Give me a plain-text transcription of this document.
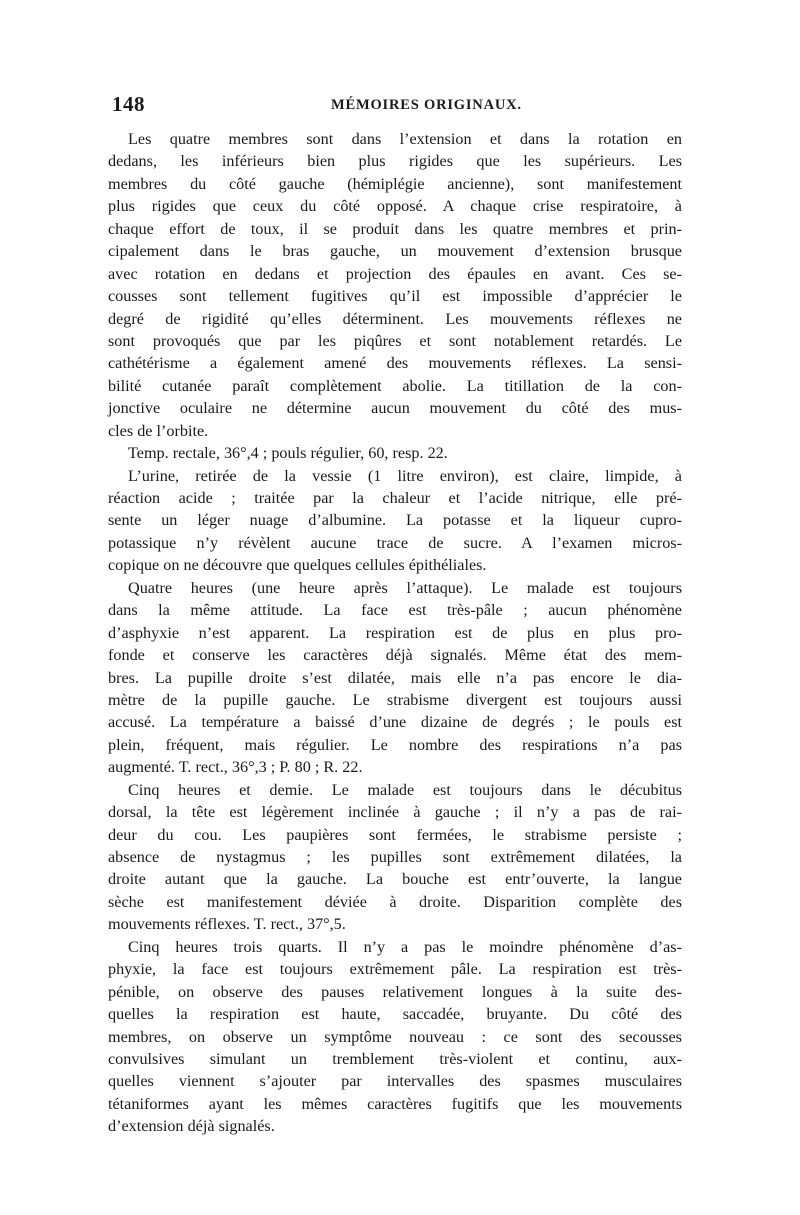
148	MÉMOIRES ORIGINAUX.
Les quatre membres sont dans l’extension et dans la rotation en
dedans, les inférieurs bien plus rigides que les supérieurs. Les
membres du côté gauche (hémiplégie ancienne), sont manifestement
plus rigides que ceux du côté opposé. A chaque crise respiratoire, à
chaque effort de toux, il se produit dans les quatre membres et prin-
cipalement dans le bras gauche, un mouvement d’extension brusque
avec rotation en dedans et projection des épaules en avant. Ces se-
cousses sont tellement fugitives qu’il est impossible d’apprécier le
degré de rigidité qu’elles déterminent. Les mouvements réflexes ne
sont provoqués que par les piqûres et sont notablement retardés. Le
cathétérisme a également amené des mouvements réflexes. La sensi-
bilité cutanée paraît complètement abolie. La titillation de la con-
jonctive oculaire ne détermine aucun mouvement du côté des mus-
cles de l’orbite.
Temp. rectale, 36°,4 ; pouls régulier, 60, resp. 22.
L’urine, retirée de la vessie (1 litre environ), est claire, limpide, à
réaction acide ; traitée par la chaleur et l’acide nitrique, elle pré-
sente un léger nuage d’albumine. La potasse et la liqueur cupro-
potassique n’y révèlent aucune trace de sucre. A l’examen micros-
copique on ne découvre que quelques cellules épithéliales.
Quatre heures (une heure après l’attaque). Le malade est toujours
dans la même attitude. La face est très-pâle ; aucun phénomène
d’asphyxie n’est apparent. La respiration est de plus en plus pro-
fonde et conserve les caractères déjà signalés. Même état des mem-
bres. La pupille droite s’est dilatée, mais elle n’a pas encore le dia-
mètre de la pupille gauche. Le strabisme divergent est toujours aussi
accusé. La température a baissé d’une dizaine de degrés ; le pouls est
plein, fréquent, mais régulier. Le nombre des respirations n’a pas
augmenté. T. rect., 36°,3 ; P. 80 ; R. 22.
Cinq heures et demie. Le malade est toujours dans le décubitus
dorsal, la tête est légèrement inclinée à gauche ; il n’y a pas de rai-
deur du cou. Les paupières sont fermées, le strabisme persiste ;
absence de nystagmus ; les pupilles sont extrêmement dilatées, la
droite autant que la gauche. La bouche est entr’ouverte, la langue
sèche est manifestement déviée à droite. Disparition complète des
mouvements réflexes. T. rect., 37°,5.
Cinq heures trois quarts. Il n’y a pas le moindre phénomène d’as-
phyxie, la face est toujours extrêmement pâle. La respiration est très-
pénible, on observe des pauses relativement longues à la suite des-
quelles la respiration est haute, saccadée, bruyante. Du côté des
membres, on observe un symptôme nouveau : ce sont des secousses
convulsives simulant un tremblement très-violent et continu, aux-
quelles viennent s’ajouter par intervalles des spasmes musculaires
tétaniformes ayant les mêmes caractères fugitifs que les mouvements
d’extension déjà signalés.
